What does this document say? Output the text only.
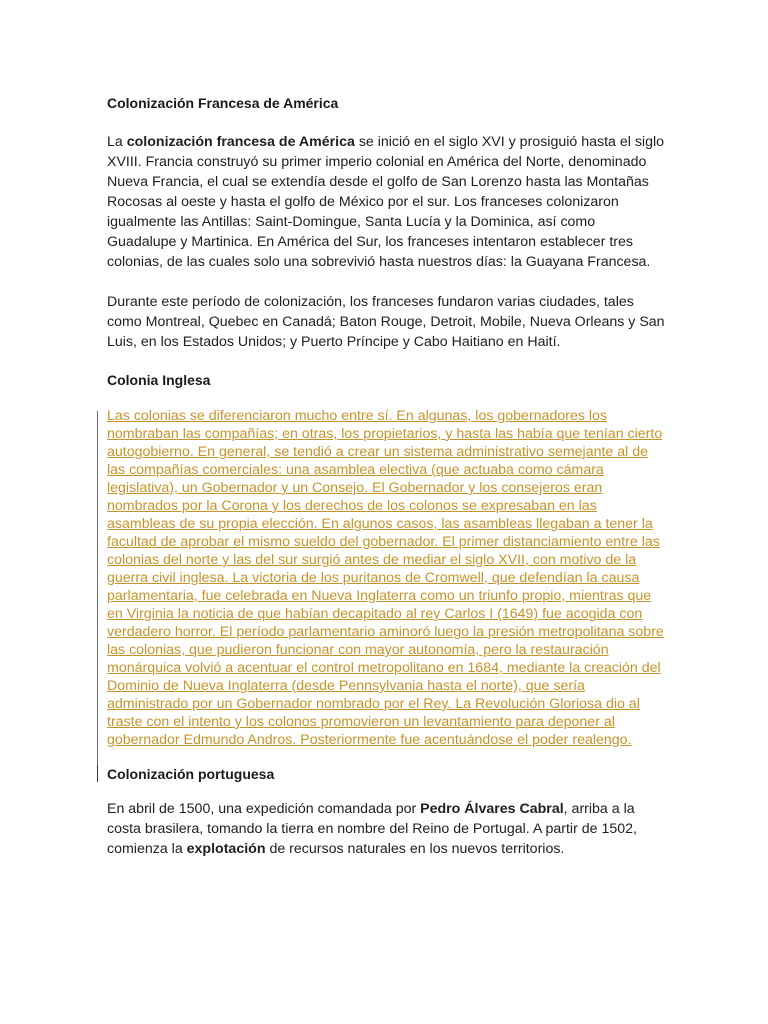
Colonización Francesa de América

La colonización francesa de América se inició en el siglo XVI y prosiguió hasta el siglo XVIII. Francia construyó su primer imperio colonial en América del Norte, denominado Nueva Francia, el cual se extendía desde el golfo de San Lorenzo hasta las Montañas Rocosas al oeste y hasta el golfo de México por el sur. Los franceses colonizaron igualmente las Antillas: Saint-Domingue, Santa Lucía y la Dominica, así como Guadalupe y Martinica. En América del Sur, los franceses intentaron establecer tres colonias, de las cuales solo una sobrevivió hasta nuestros días: la Guayana Francesa.

Durante este período de colonización, los franceses fundaron varias ciudades, tales como Montreal, Quebec en Canadá; Baton Rouge, Detroit, Mobile, Nueva Orleans y San Luis, en los Estados Unidos; y Puerto Príncipe y Cabo Haitiano en Haití.

Colonia Inglesa

Las colonias se diferenciaron mucho entre sí. En algunas, los gobernadores los nombraban las compañías; en otras, los propietarios, y hasta las había que tenían cierto autogobierno. En general, se tendió a crear un sistema administrativo semejante al de las compañías comerciales: una asamblea electiva (que actuaba como cámara legislativa), un Gobernador y un Consejo. El Gobernador y los consejeros eran nombrados por la Corona y los derechos de los colonos se expresaban en las asambleas de su propia elección. En algunos casos, las asambleas llegaban a tener la facultad de aprobar el mismo sueldo del gobernador. El primer distanciamiento entre las colonias del norte y las del sur surgió antes de mediar el siglo XVII, con motivo de la guerra civil inglesa. La victoria de los puritanos de Cromwell, que defendían la causa parlamentaria, fue celebrada en Nueva Inglaterra como un triunfo propio, mientras que en Virginia la noticia de que habían decapitado al rey Carlos I (1649) fue acogida con verdadero horror. El período parlamentario aminoró luego la presión metropolitana sobre las colonias, que pudieron funcionar con mayor autonomía, pero la restauración monárquica volvió a acentuar el control metropolitano en 1684, mediante la creación del Dominio de Nueva Inglaterra (desde Pennsylvania hasta el norte), que sería administrado por un Gobernador nombrado por el Rey. La Revolución Gloriosa dio al traste con el intento y los colonos promovieron un levantamiento para deponer al gobernador Edmundo Andros. Posteriormente fue acentuándose el poder realengo.

Colonización portuguesa

En abril de 1500, una expedición comandada por Pedro Álvares Cabral, arriba a la costa brasilera, tomando la tierra en nombre del Reino de Portugal. A partir de 1502, comienza la explotación de recursos naturales en los nuevos territorios.
